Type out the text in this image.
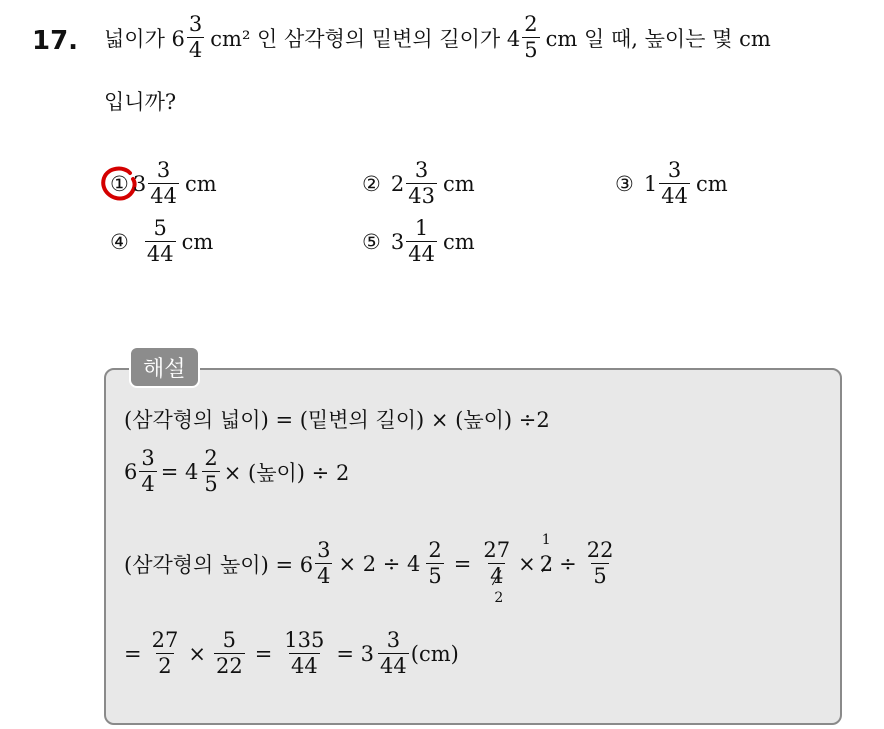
17. 넓이가 $6 \frac{3}{4} cm^2$ 인 삼각형의 밑변의 길이가 $4 \frac{2}{5}$ cm 일 때, 높이는 몇 cm
입니까?
① $3 \frac{3}{44}$ cm	② $2 \frac{3}{43}$ cm	③ $1 \frac{3}{44}$ cm
④ $\frac{5}{44}$ cm	⑤ $3 \frac{1}{44}$ cm
해설
(삼각형의 넓이) = (밑변의 길이) × (높이) ÷2
$6 \frac{3}{4} = 4 \frac{2}{5}$ × (높이) ÷ 2
(삼각형의 높이) = $6 \frac{3}{4} \times 2 \div 4 \frac{2}{5}$ =
27
4
2
× 2
1
÷ $\frac{22}{5}$
= $\frac{27}{2} \times \frac{5}{22} = \frac{135}{44} = 3 \frac{3}{44} (cm)$
